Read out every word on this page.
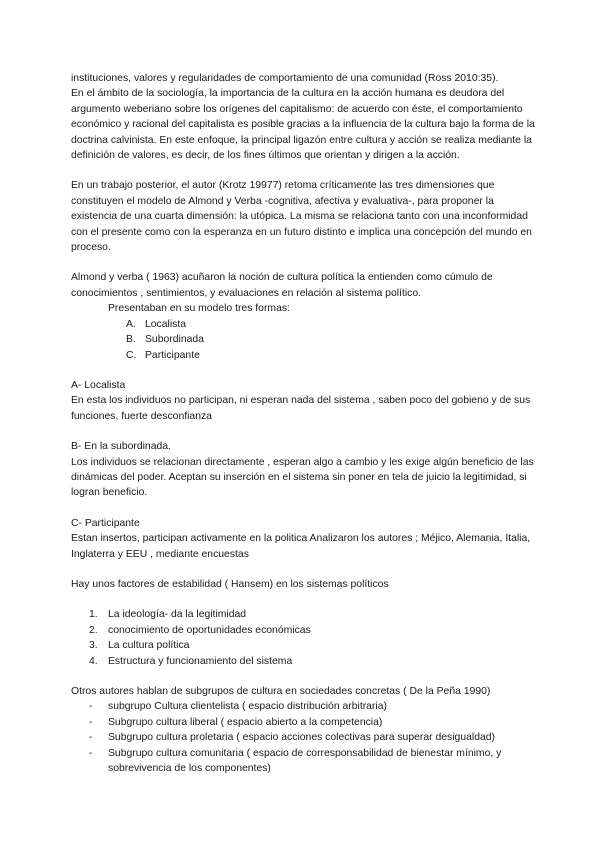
instituciones, valores y regularidades de comportamiento de una comunidad (Ross 2010:35).

En el ámbito de la sociología, la importancia de la cultura en la acción humana es deudora del argumento weberiano sobre los orígenes del capitalismo: de acuerdo con éste, el comportamiento económico y racional del capitalista es posible gracias a la influencia de la cultura bajo la forma de la doctrina calvinista. En este enfoque, la principal ligazón entre cultura y acción se realiza mediante la definición de valores, es decir, de los fines últimos que orientan y dirigen a la acción.

En un trabajo posterior, el autor (Krotz 19977) retoma críticamente las tres dimensiones que constituyen el modelo de Almond y Verba -cognitiva, afectiva y evaluativa-, para proponer la existencia de una cuarta dimensión: la utópica. La misma se relaciona tanto con una inconformidad con el presente como con la esperanza en un futuro distinto e implica una concepción del mundo en proceso.

Almond y verba ( 1963) acuñaron la noción de cultura política la entienden como cúmulo de conocimientos , sentimientos, y evaluaciones en relación al sistema político.

Presentaban en su modelo tres formas:

A. Localista
B. Subordinada
C. Participante

A- Localista

En esta los individuos no participan, ni esperan nada del sistema , saben poco del gobieno y de sus funciones, fuerte desconfianza

B- En la subordinada.

Los individuos se relacionan directamente , esperan algo a cambio y les exige algún beneficio de las dinámicas del poder. Aceptan su inserción en el sistema sin poner en tela de juicio la legitimidad, si logran beneficio.

C- Participante

Estan insertos, participan activamente en la politica Analizaron los autores ; Méjico, Alemania, Italia, Inglaterra y EEU , mediante encuestas

Hay unos factores de estabilidad ( Hansem) en los sistemas políticos

1. La ideología- da la legitimidad
2. conocimiento de oportunidades económicas
3. La cultura política
4. Estructura y funcionamiento del sistema

Otros autores hablan de subgrupos de cultura en sociedades concretas ( De la Peña 1990)

- subgrupo Cultura clientelista ( espacio distribución arbitraria)
- Subgrupo cultura liberal ( espacio abierto a la competencia)
- Subgrupo cultura proletaria ( espacio acciones colectivas para superar desigualdad)
- Subgrupo cultura comunitaria ( espacio de corresponsabilidad de bienestar mínimo, y sobrevivencia de los componentes)
